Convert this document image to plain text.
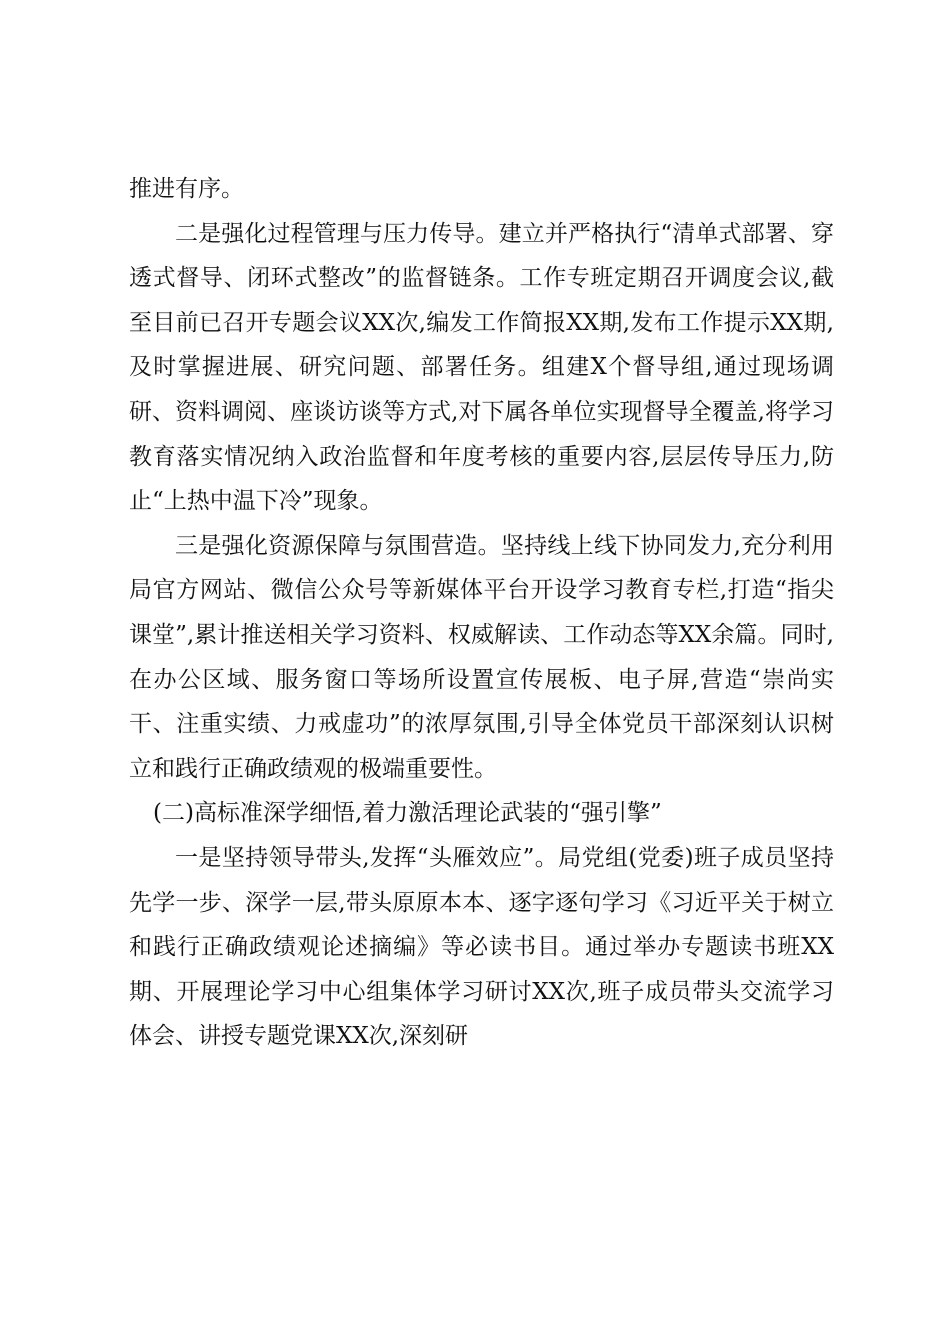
推进有序。

二是强化过程管理与压力传导。建立并严格执行“清单式部署、穿透式督导、闭环式整改”的监督链条。工作专班定期召开调度会议,截至目前已召开专题会议XX次,编发工作简报XX期,发布工作提示XX期,及时掌握进展、研究问题、部署任务。组建X个督导组,通过现场调研、资料调阅、座谈访谈等方式,对下属各单位实现督导全覆盖,将学习教育落实情况纳入政治监督和年度考核的重要内容,层层传导压力,防止“上热中温下冷”现象。

三是强化资源保障与氛围营造。坚持线上线下协同发力,充分利用局官方网站、微信公众号等新媒体平台开设学习教育专栏,打造“指尖课堂”,累计推送相关学习资料、权威解读、工作动态等XX余篇。同时,在办公区域、服务窗口等场所设置宣传展板、电子屏,营造“崇尚实干、注重实绩、力戒虚功”的浓厚氛围,引导全体党员干部深刻认识树立和践行正确政绩观的极端重要性。

(二)高标准深学细悟,着力激活理论武装的“强引擎”

一是坚持领导带头,发挥“头雁效应”。局党组(党委)班子成员坚持先学一步、深学一层,带头原原本本、逐字逐句学习《习近平关于树立和践行正确政绩观论述摘编》等必读书目。通过举办专题读书班XX期、开展理论学习中心组集体学习研讨XX次,班子成员带头交流学习体会、讲授专题党课XX次,深刻研
